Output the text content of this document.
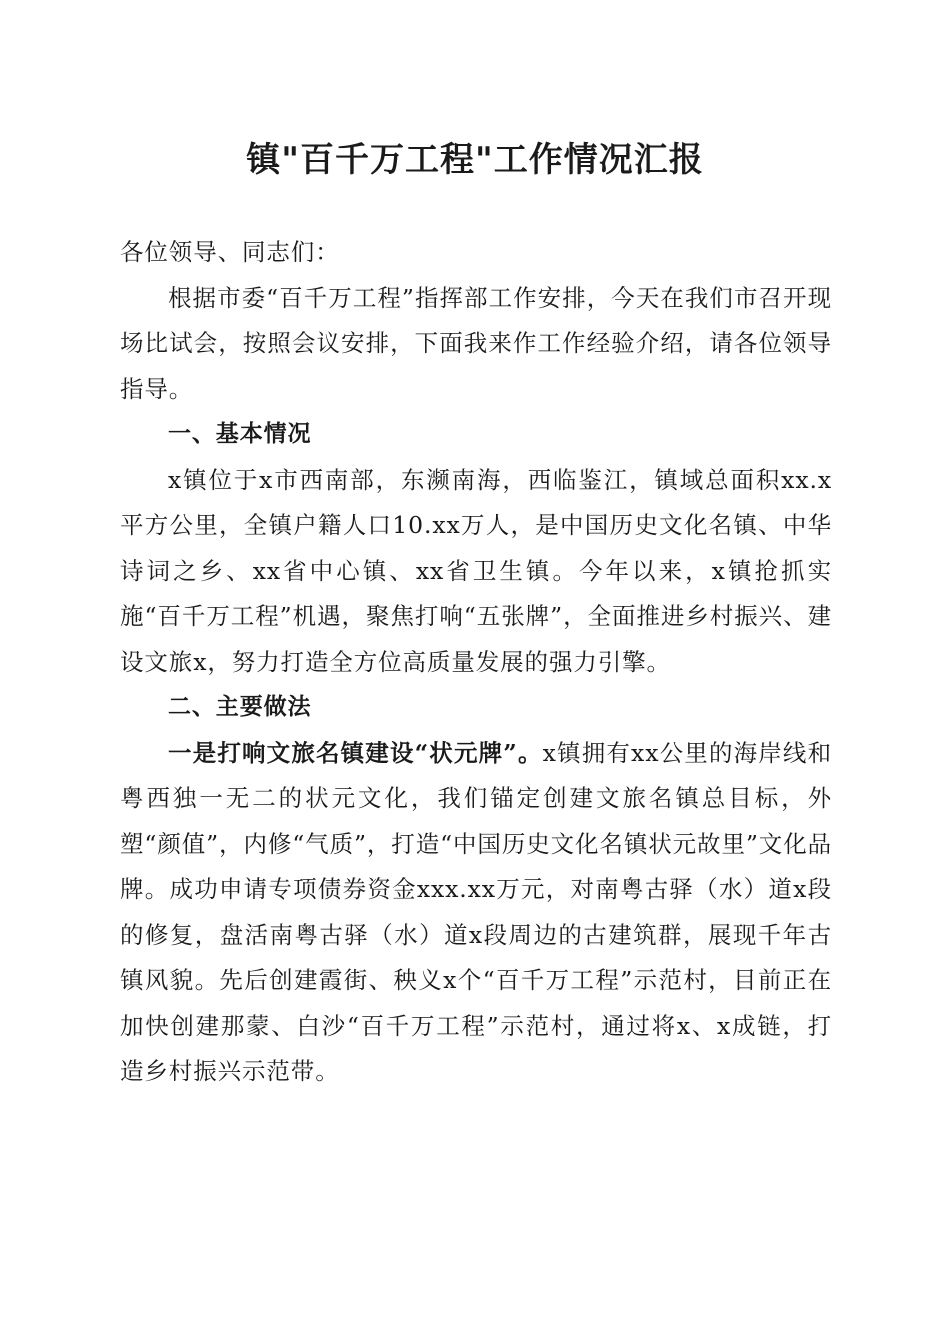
镇"百千万工程"工作情况汇报

各位领导、同志们：

根据市委“百千万工程”指挥部工作安排，今天在我们市召开现场比试会，按照会议安排，下面我来作工作经验介绍，请各位领导指导。

一、基本情况

x镇位于x市西南部，东濒南海，西临鉴江，镇域总面积xx.x平方公里，全镇户籍人口10.xx万人，是中国历史文化名镇、中华诗词之乡、xx省中心镇、xx省卫生镇。今年以来，x镇抢抓实施“百千万工程”机遇，聚焦打响“五张牌”，全面推进乡村振兴、建设文旅x，努力打造全方位高质量发展的强力引擎。

二、主要做法

一是打响文旅名镇建设“状元牌”。x镇拥有xx公里的海岸线和粤西独一无二的状元文化，我们锚定创建文旅名镇总目标，外塑“颜值”，内修“气质”，打造“中国历史文化名镇状元故里”文化品牌。成功申请专项债券资金xxx.xx万元，对南粤古驿（水）道x段的修复，盘活南粤古驿（水）道x段周边的古建筑群，展现千年古镇风貌。先后创建霞街、秧义x个“百千万工程”示范村，目前正在加快创建那蒙、白沙“百千万工程”示范村，通过将x、x成链，打造乡村振兴示范带。
